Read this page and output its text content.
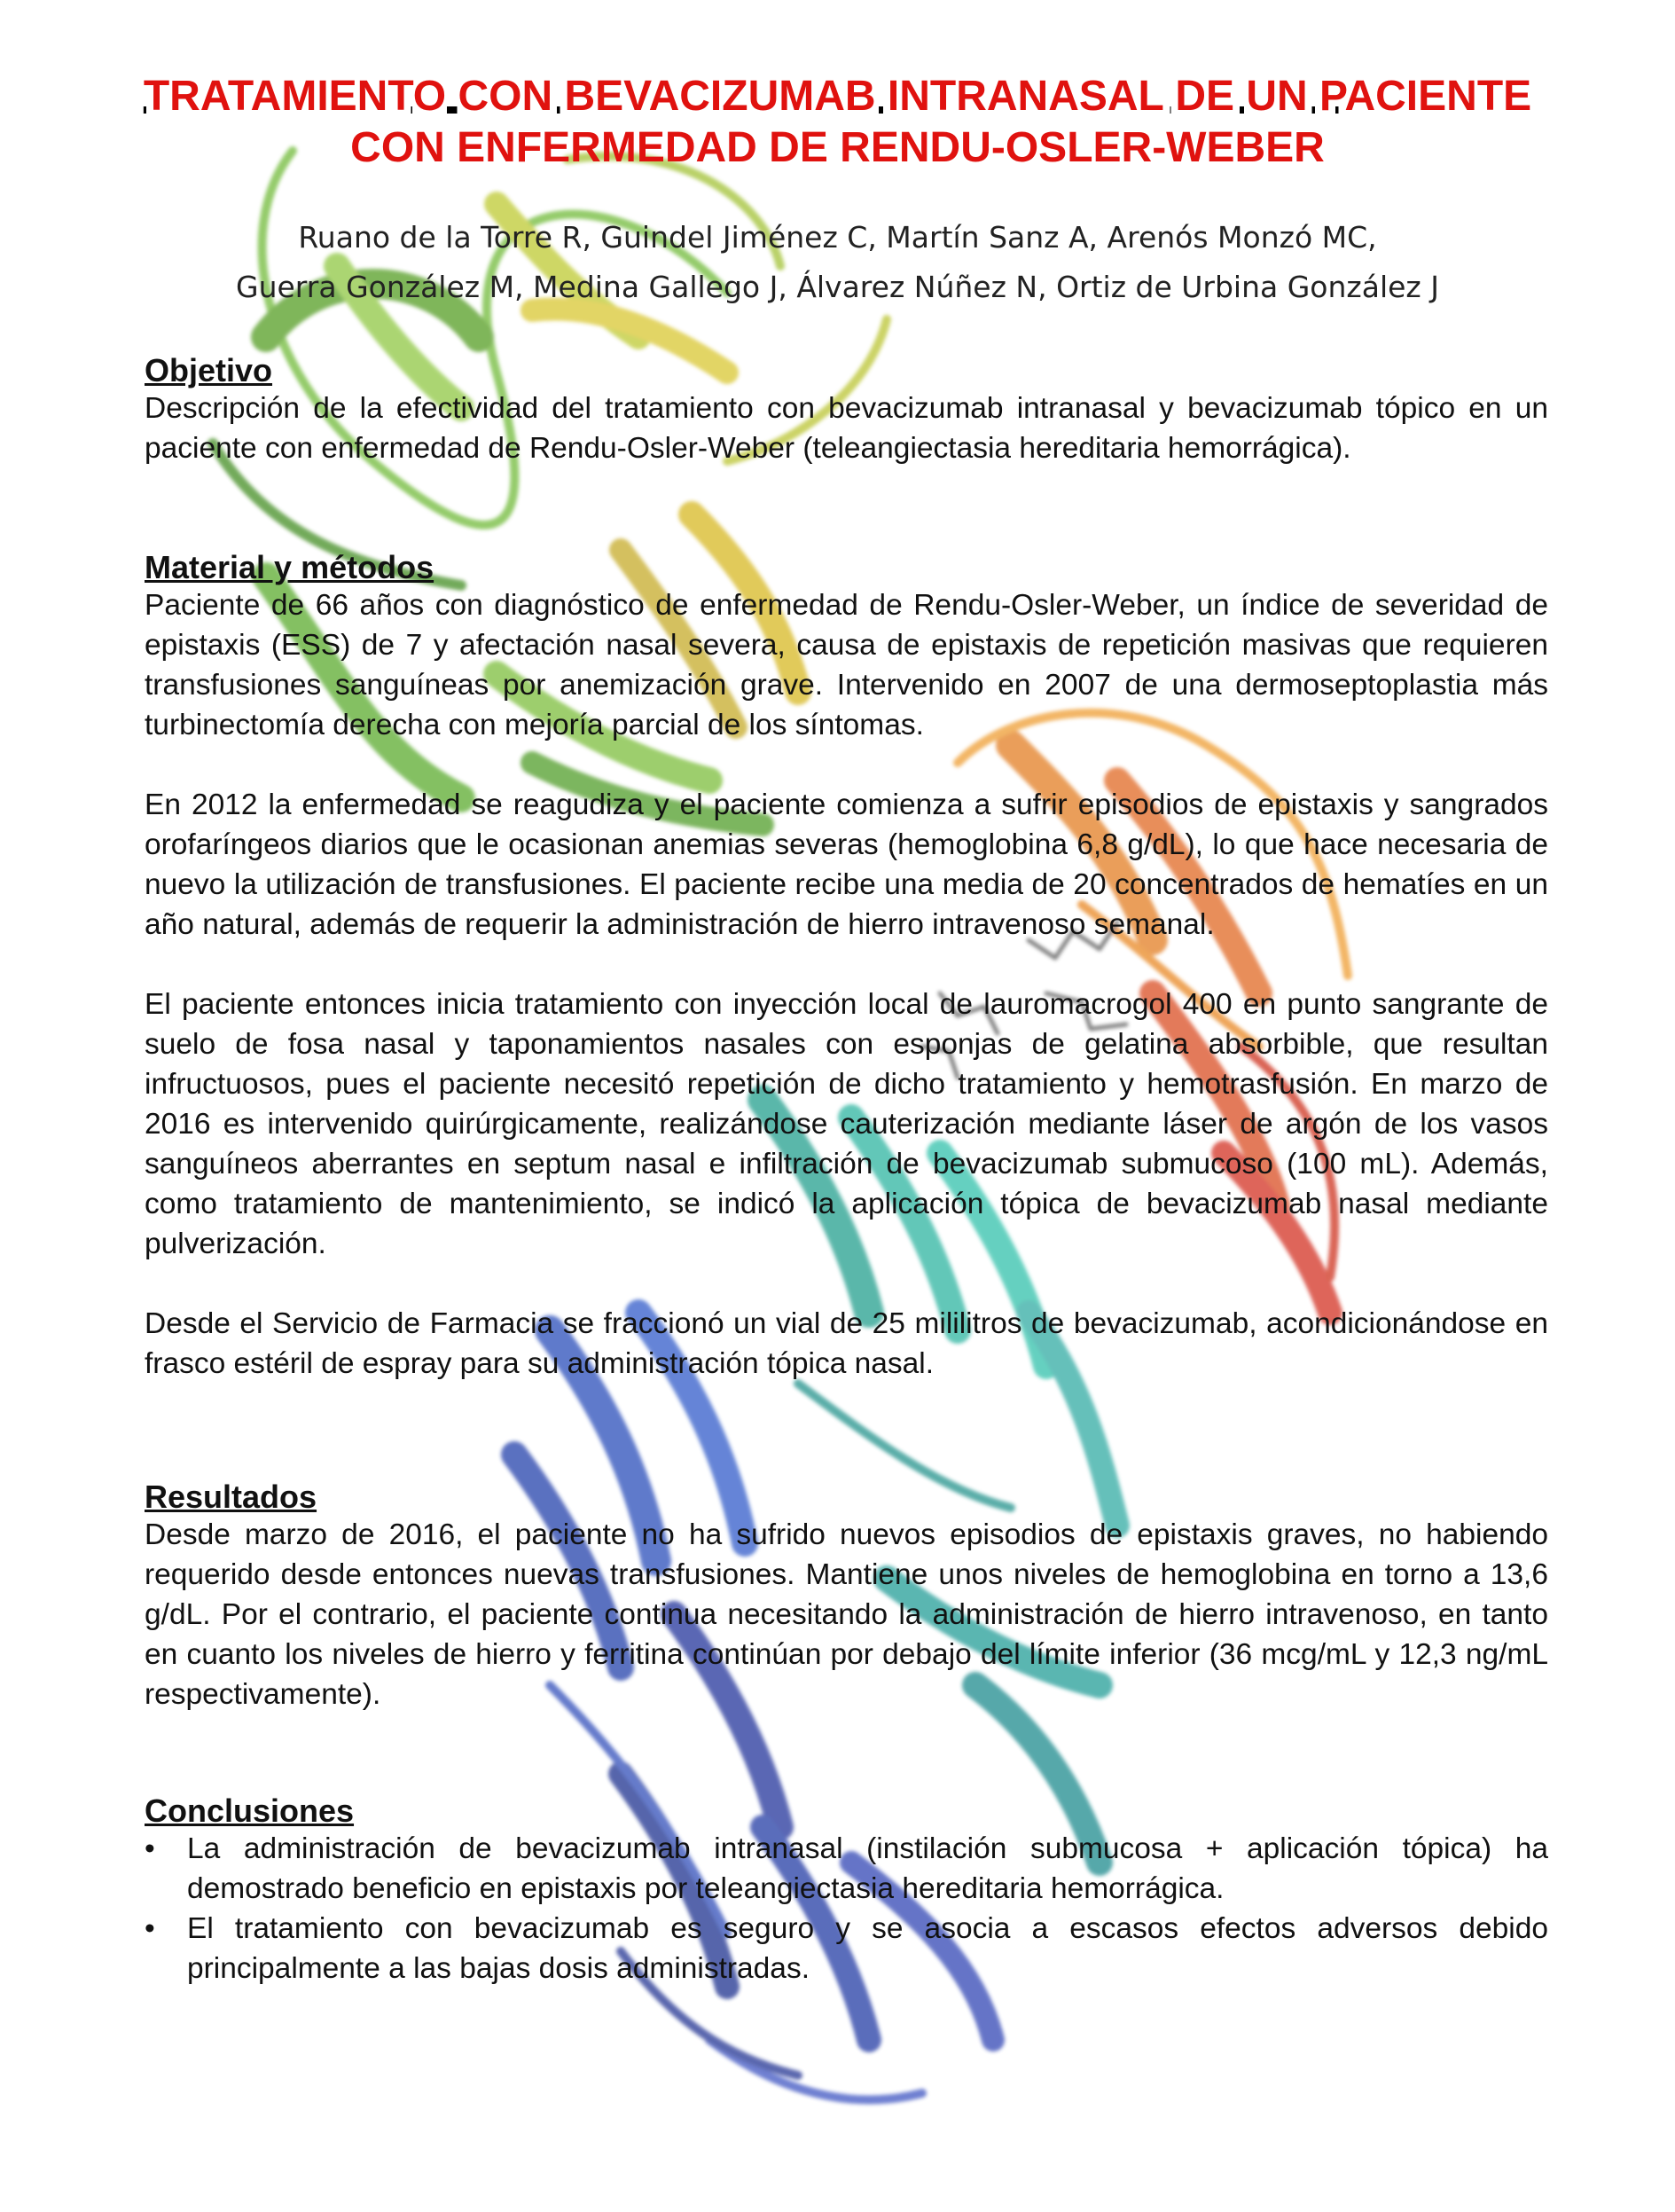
TRATAMIENTO CON BEVACIZUMAB INTRANASAL DE UN PACIENTE
CON ENFERMEDAD DE RENDU-OSLER-WEBER
Ruano de la Torre R, Guindel Jiménez C, Martín Sanz A, Arenós Monzó MC,
Guerra González M, Medina Gallego J, Álvarez Núñez N, Ortiz de Urbina González J

Objetivo

Descripción de la efectividad del tratamiento con bevacizumab intranasal y bevacizumab tópico en un paciente con enfermedad de Rendu-Osler-Weber (teleangiectasia hereditaria hemorrágica).

Material y métodos

Paciente de 66 años con diagnóstico de enfermedad de Rendu-Osler-Weber, un índice de severidad de epistaxis (ESS) de 7 y afectación nasal severa, causa de epistaxis de repetición masivas que requieren transfusiones sanguíneas por anemización grave. Intervenido en 2007 de una dermoseptoplastia más turbinectomía derecha con mejoría parcial de los síntomas.

En 2012 la enfermedad se reagudiza y el paciente comienza a sufrir episodios de epistaxis y sangrados orofaríngeos diarios que le ocasionan anemias severas (hemoglobina 6,8 g/dL), lo que hace necesaria de nuevo la utilización de transfusiones. El paciente recibe una media de 20 concentrados de hematíes en un año natural, además de requerir la administración de hierro intravenoso semanal.

El paciente entonces inicia tratamiento con inyección local de lauromacrogol 400 en punto sangrante de suelo de fosa nasal y taponamientos nasales con esponjas de gelatina absorbible, que resultan infructuosos, pues el paciente necesitó repetición de dicho tratamiento y hemotrasfusión. En marzo de 2016 es intervenido quirúrgicamente, realizándose cauterización mediante láser de argón de los vasos sanguíneos aberrantes en septum nasal e infiltración de bevacizumab submucoso (100 mL). Además, como tratamiento de mantenimiento, se indicó la aplicación tópica de bevacizumab nasal mediante pulverización.

Desde el Servicio de Farmacia se fraccionó un vial de 25 mililitros de bevacizumab, acondicionándose en frasco estéril de espray para su administración tópica nasal.

Resultados

Desde marzo de 2016, el paciente no ha sufrido nuevos episodios de epistaxis graves, no habiendo requerido desde entonces nuevas transfusiones. Mantiene unos niveles de hemoglobina en torno a 13,6 g/dL. Por el contrario, el paciente continua necesitando la administración de hierro intravenoso, en tanto en cuanto los niveles de hierro y ferritina continúan por debajo del límite inferior (36 mcg/mL y 12,3 ng/mL respectivamente).

Conclusiones

• La administración de bevacizumab intranasal (instilación submucosa + aplicación tópica) ha demostrado beneficio en epistaxis por teleangiectasia hereditaria hemorrágica.
• El tratamiento con bevacizumab es seguro y se asocia a escasos efectos adversos debido principalmente a las bajas dosis administradas.
